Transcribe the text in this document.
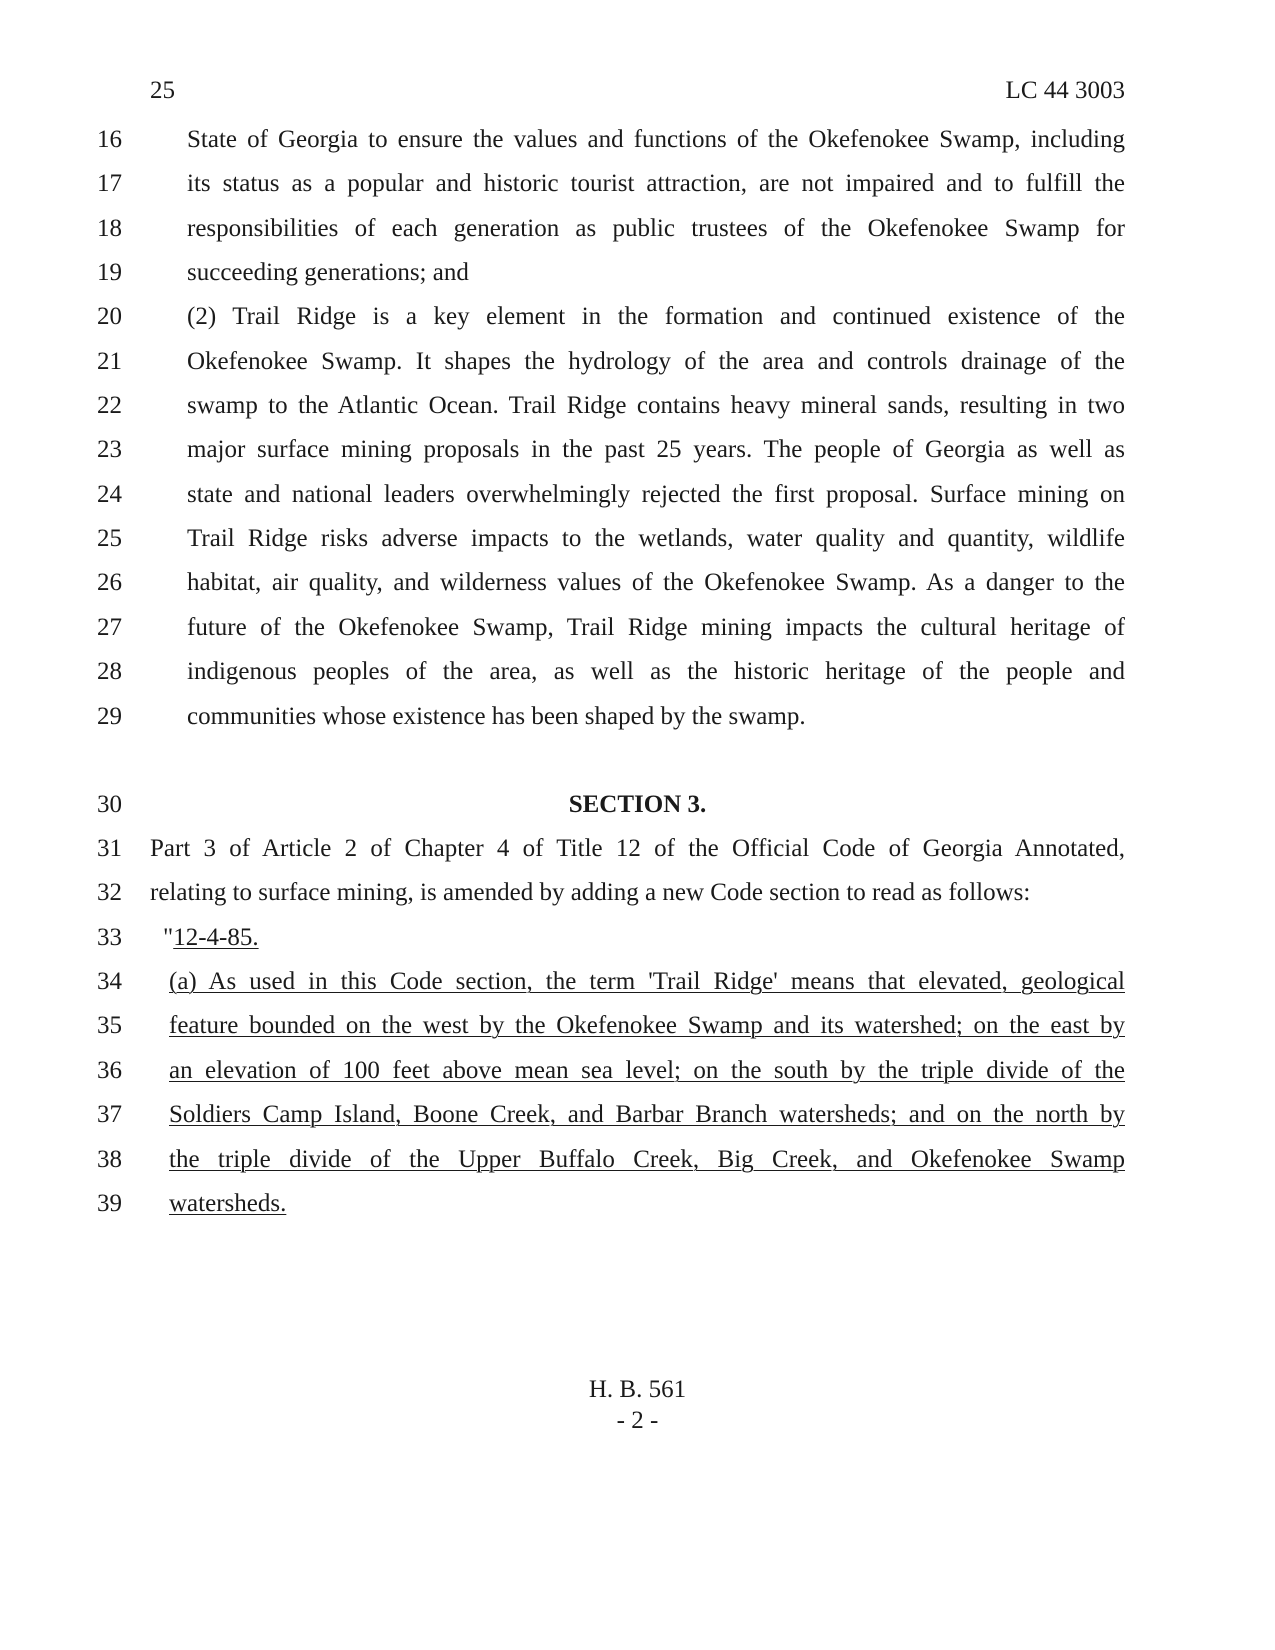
25	LC 44 3003
16	State of Georgia to ensure the values and functions of the Okefenokee Swamp, including
17	its status as a popular and historic tourist attraction, are not impaired and to fulfill the
18	responsibilities of each generation as public trustees of the Okefenokee Swamp for
19	succeeding generations; and
20	(2) Trail Ridge is a key element in the formation and continued existence of the
21	Okefenokee Swamp. It shapes the hydrology of the area and controls drainage of the
22	swamp to the Atlantic Ocean. Trail Ridge contains heavy mineral sands, resulting in two
23	major surface mining proposals in the past 25 years. The people of Georgia as well as
24	state and national leaders overwhelmingly rejected the first proposal. Surface mining on
25	Trail Ridge risks adverse impacts to the wetlands, water quality and quantity, wildlife
26	habitat, air quality, and wilderness values of the Okefenokee Swamp. As a danger to the
27	future of the Okefenokee Swamp, Trail Ridge mining impacts the cultural heritage of
28	indigenous peoples of the area, as well as the historic heritage of the people and
29	communities whose existence has been shaped by the swamp.
30	SECTION 3.
31 Part 3 of Article 2 of Chapter 4 of Title 12 of the Official Code of Georgia Annotated,
32 relating to surface mining, is amended by adding a new Code section to read as follows:
33 "12-4-85.
34 (a) As used in this Code section, the term 'Trail Ridge' means that elevated, geological
35 feature bounded on the west by the Okefenokee Swamp and its watershed; on the east by
36 an elevation of 100 feet above mean sea level; on the south by the triple divide of the
37 Soldiers Camp Island, Boone Creek, and Barbar Branch watersheds; and on the north by
38 the triple divide of the Upper Buffalo Creek, Big Creek, and Okefenokee Swamp
39 watersheds.
H. B. 561
- 2 -
